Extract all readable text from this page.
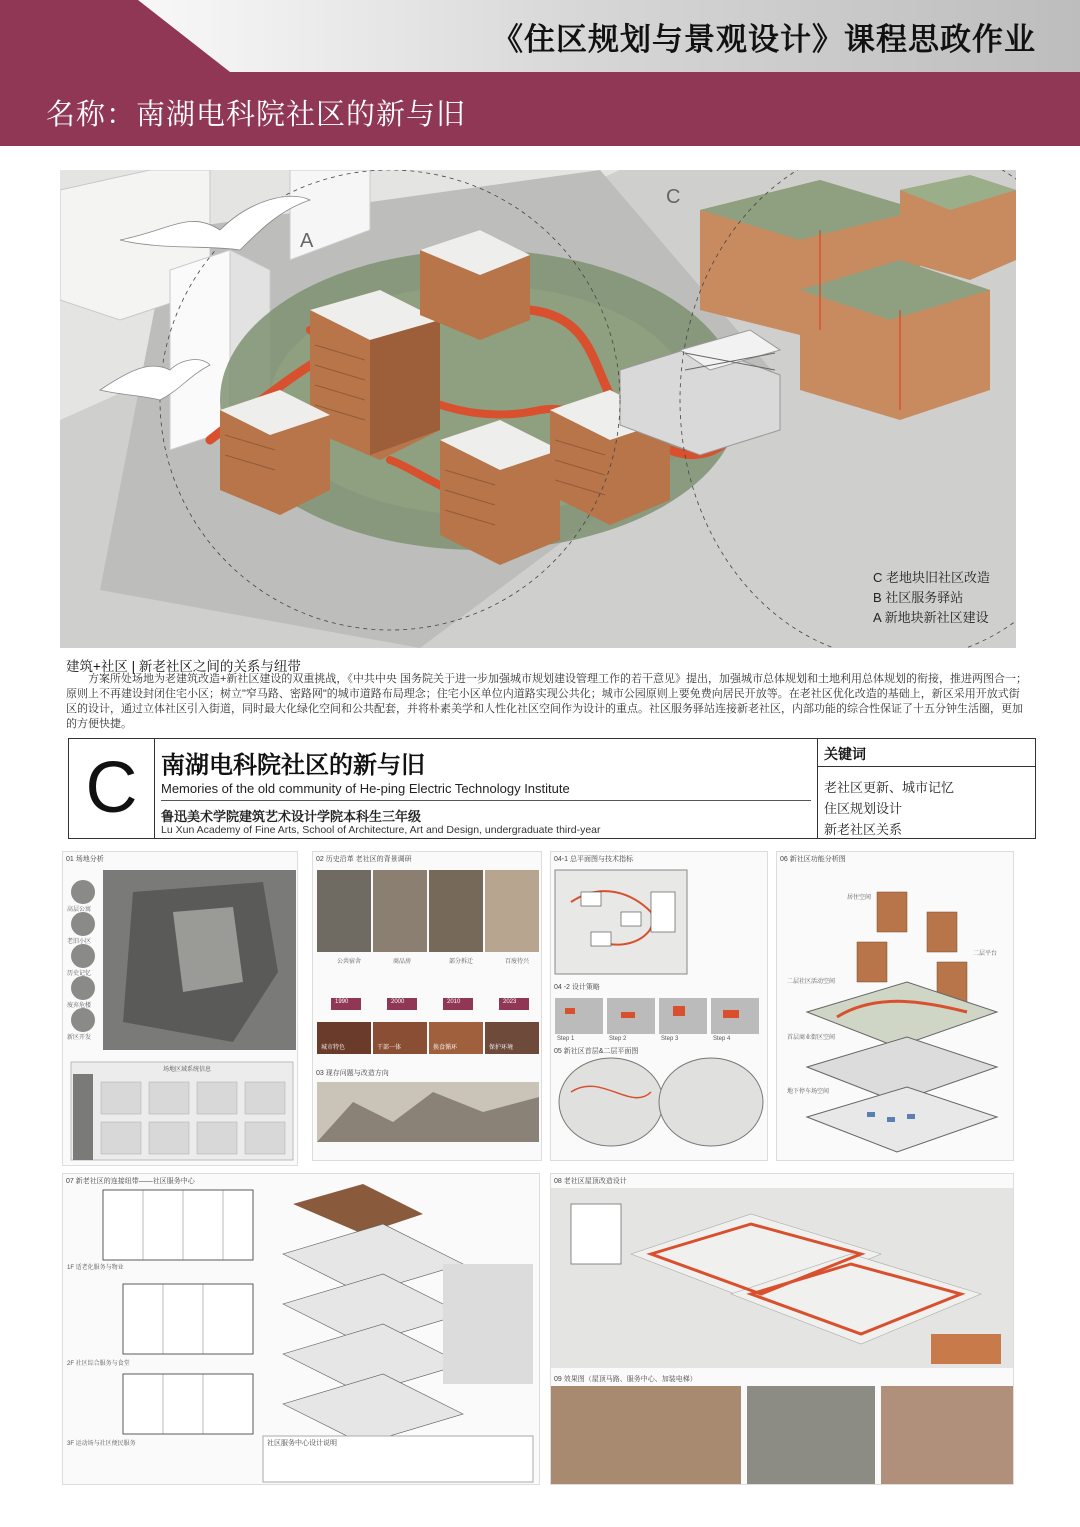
《住区规划与景观设计》课程思政作业
名称：南湖电科院社区的新与旧
A
C
C 老地块旧社区改造
B 社区服务驿站
A 新地块新社区建设
建筑+社区 | 新老社区之间的关系与纽带
方案所处场地为老建筑改造+新社区建设的双重挑战，《中共中央 国务院关于进一步加强城市规划建设管理工作的若干意见》提出，加强城市总体规划和土地利用总体规划的衔接，推进两图合一；原则上不再建设封闭住宅小区；树立"窄马路、密路网"的城市道路布局理念；住宅小区单位内道路实现公共化；城市公园原则上要免费向居民开放等。在老社区优化改造的基础上，新区采用开放式街区的设计，通过立体社区引入街道，同时最大化绿化空间和公共配套，并将朴素美学和人性化社区空间作为设计的重点。社区服务驿站连接新老社区，内部功能的综合性保证了十五分钟生活圈，更加的方便快捷。
C 南湖电科院社区的新与旧
Memories of the old community of He-ping Electric Technology Institute
鲁迅美术学院建筑艺术设计学院本科生三年级
Lu Xun Academy of Fine Arts, School of Architecture, Art and Design, undergraduate third-year
关键词
老社区更新、城市记忆
住区规划设计
新老社区关系
01 场地分析
高层公寓
老旧小区
历史记忆
废弃危楼
新区开发
场地区域系统信息
02 历史沿革 老社区的背景调研
公共宿舍	商品房	部分拆迁	百废待兴
1990	2000	2010	2023
城市特色	干部一体	换食循环	保护环境
03 现存问题与改造方向
04-1 总平面图与技术指标
04 -2 设计策略
Step 1	Step 2	Step 3	Step 4
05 新社区首层&二层平面图
06 新社区功能分析图
居住空间
二层平台
二层社区活动空间
首层商业街区空间
地下停车场空间
07 新老社区的连接纽带——社区服务中心
1F 适老化服务与物业
2F 社区综合服务与食堂
3F 运动场与社区便民服务	社区服务中心设计说明
08 老社区屋顶改造设计
09 效果图（屋顶马路、服务中心、加装电梯）
